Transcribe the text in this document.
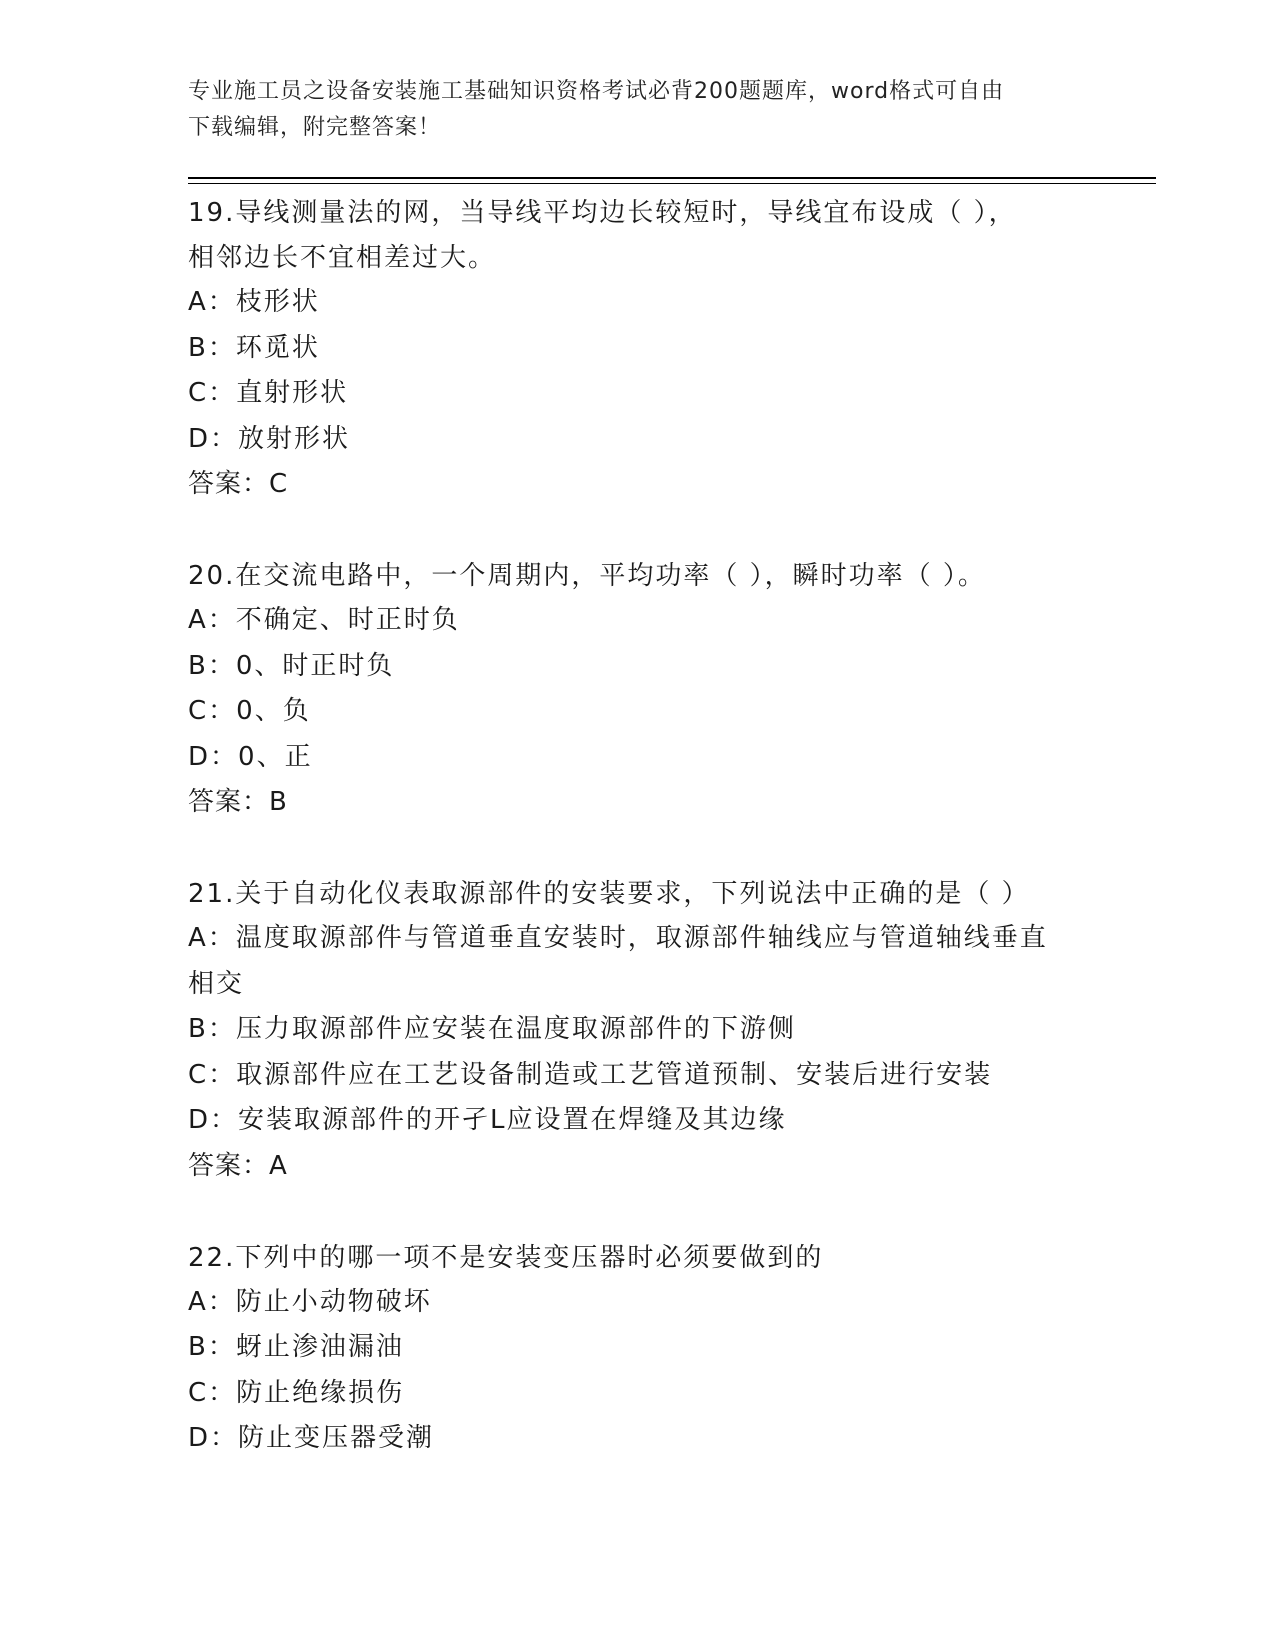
专业施工员之设备安装施工基础知识资格考试必背200题题库，word格式可自由
下载编辑，附完整答案！
19.导线测量法的网，当导线平均边长较短时，导线宜布设成（ ），
相邻边长不宜相差过大。
A：枝形状
B：环觅状
C：直射形状
D：放射形状
答案：C
20.在交流电路中，一个周期内，平均功率（ ），瞬时功率（ ）。
A：不确定、时正时负
B：0、时正时负
C：0、负
D：0、正
答案：B
21.关于自动化仪表取源部件的安装要求，下列说法中正确的是（ ）
A：温度取源部件与管道垂直安装时，取源部件轴线应与管道轴线垂直
相交
B：压力取源部件应安装在温度取源部件的下游侧
C：取源部件应在工艺设备制造或工艺管道预制、安装后进行安装
D：安装取源部件的开孑L应设置在焊缝及其边缘
答案：A
22.下列中的哪一项不是安装变压器时必须要做到的
A：防止小动物破坏
B：蚜止渗油漏油
C：防止绝缘损伤
D：防止变压器受潮
